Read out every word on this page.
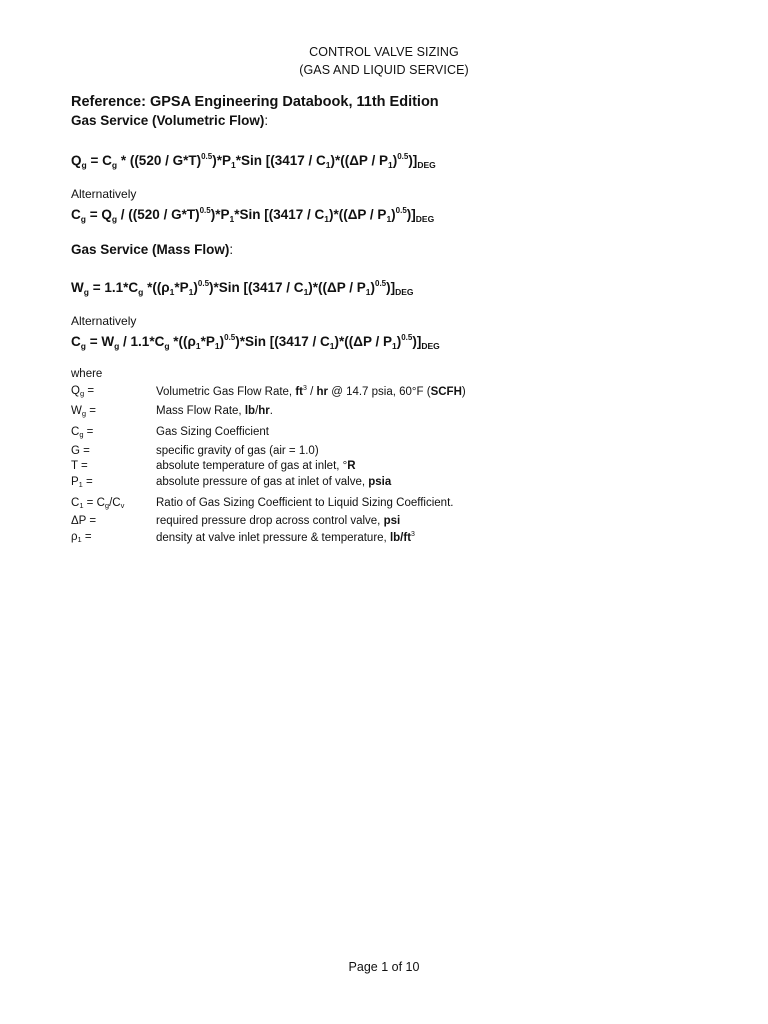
CONTROL VALVE SIZING
(GAS AND LIQUID SERVICE)
Reference: GPSA Engineering Databook, 11th Edition
Gas Service (Volumetric Flow):
$Q_g = C_g * ((520 / G*T)^{0.5})*P_1*Sin$ $[(3417 / C_1)*((\Delta P / P_1)^{0.5})]_{DEG}$
Alternatively
$C_g = Q_g / ((520 / G*T)^{0.5})*P_1*Sin$ $[(3417 / C_1)*((\Delta P / P_1)^{0.5})]_{DEG}$
Gas Service (Mass Flow):
$W_g = 1.1*C_g$ $*((\rho_1*P_1)^{0.5})*Sin$ $[(3417 / C_1)*((\Delta P / P_1)^{0.5})]_{DEG}$
Alternatively
$C_g = W_g / 1.1*C_g$ $*((\rho_1*P_1)^{0.5})*Sin$ $[(3417 / C_1)*((\Delta P / P_1)^{0.5})]_{DEG}$
where
$Q_g$ =	Volumetric Gas Flow Rate, $ft^3$ / hr @ 14.7 psia, 60°F (SCFH)
$W_g$ =	Mass Flow Rate, lb/hr.
$C_g$ =	Gas Sizing Coefficient
G =	specific gravity of gas (air = 1.0)
T =	absolute temperature of gas at inlet, °R
$P_1$ =	absolute pressure of gas at inlet of valve, psia
$C_1 = C_g/C_v$	Ratio of Gas Sizing Coefficient to Liquid Sizing Coefficient.
ΔP =	required pressure drop across control valve, psi
$\rho_1$ =	density at valve inlet pressure & temperature, $lb/ft^3$
Page 1 of 10
